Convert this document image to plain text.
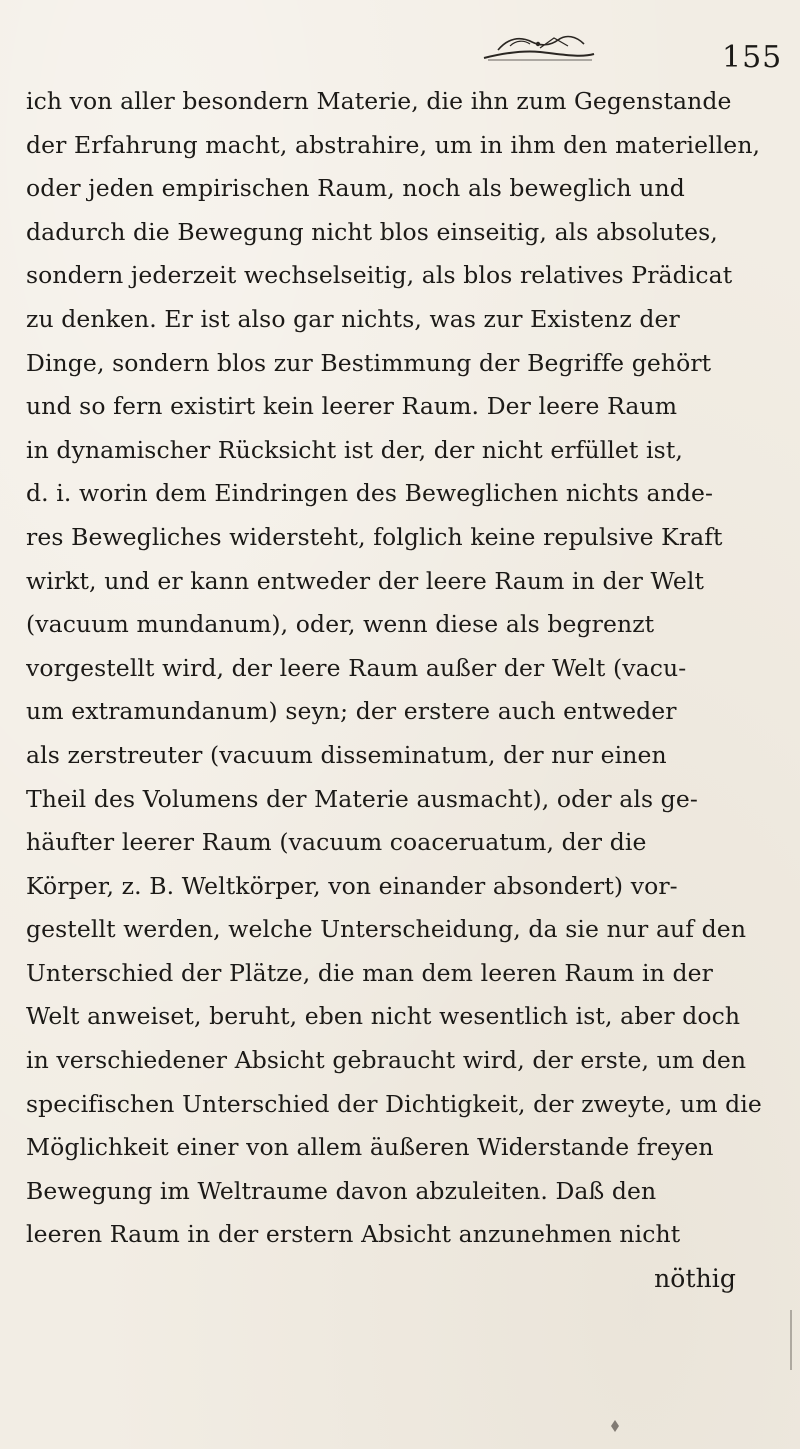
155
ich von aller besondern Materie, die ihn zum Gegenstande
der Erfahrung macht, abstrahire, um in ihm den materiellen,
oder jeden empirischen Raum, noch als beweglich und
dadurch die Bewegung nicht blos einseitig, als absolutes,
sondern jederzeit wechselseitig, als blos relatives Prädicat
zu denken. Er ist also gar nichts, was zur Existenz der
Dinge, sondern blos zur Bestimmung der Begriffe gehört
und so fern existirt kein leerer Raum. Der leere Raum
in dynamischer Rücksicht ist der, der nicht erfüllet ist,
d. i. worin dem Eindringen des Beweglichen nichts ande-
res Bewegliches widersteht, folglich keine repulsive Kraft
wirkt, und er kann entweder der leere Raum in der Welt
(vacuum mundanum), oder, wenn diese als begrenzt
vorgestellt wird, der leere Raum außer der Welt (vacu-
um extramundanum) seyn; der erstere auch entweder
als zerstreuter (vacuum disseminatum, der nur einen
Theil des Volumens der Materie ausmacht), oder als ge-
häufter leerer Raum (vacuum coaceruatum, der die
Körper, z. B. Weltkörper, von einander absondert) vor-
gestellt werden, welche Unterscheidung, da sie nur auf den
Unterschied der Plätze, die man dem leeren Raum in der
Welt anweiset, beruht, eben nicht wesentlich ist, aber doch
in verschiedener Absicht gebraucht wird, der erste, um den
specifischen Unterschied der Dichtigkeit, der zweyte, um die
Möglichkeit einer von allem äußeren Widerstande freyen
Bewegung im Weltraume davon abzuleiten. Daß den
leeren Raum in der erstern Absicht anzunehmen nicht
nöthig
